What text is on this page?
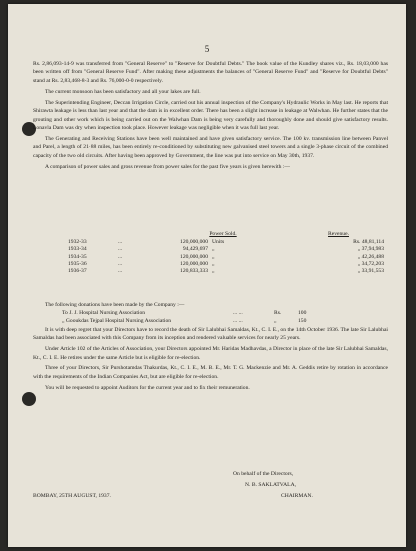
5

Rs. 2,86,093-14-9 was transferred from "General Reserve" to "Reserve for Doubtful Debts." The book value of the Kundley shares viz., Rs. 18,03,000 has been written off from "General Reserve Fund". After making these adjustments the balances of "General Reserve Fund" and "Reserve for Doubtful Debts" stand at Rs. 2,83,468-8-3 and Rs. 76,000-0-0 respectively.

The current monsoon has been satisfactory and all your lakes are full.

The Superintending Engineer, Deccan Irrigation Circle, carried out his annual inspection of the Company's Hydraulic Works in May last. He reports that Shirawta leakage is less than last year and that the dam is in excellent order. There has been a slight increase in leakage at Walwhan. He further states that the grouting and other work which is being carried out on the Walwhan Dam is being very carefully and thoroughly done and should give satisfactory results. Lonavla Dam was dry when inspection took place. However leakage was negligible when it was full last year.

The Generating and Receiving Stations have been well maintained and have given satisfactory service. The 100 kv. transmission line between Panvel and Parel, a length of 21·88 miles, has been entirely re-conditioned by substituting new galvanised steel towers and a single 3-phase circuit of the combined capacity of the two old circuits. After having been approved by Government, the line was put into service on May 30th, 1937.

A comparison of power sales and gross revenue from power sales for the past five years is given herewith :—

		Power Sold.		Revenue.
1932-33	...	120,000,000	Units	Rs. 48,81,114
1933-34	...	94,429,697	„	„ 37,94,983
1934-35	...	120,000,000	„	„ 42,26,488
1935-36	...	120,000,000	„	„ 34,72,203
1936-37	...	120,833,333	„	„ 33,91,553
The following donations have been made by the Company :—
To J. J. Hospital Nursing Association	... ...	Rs.	100
„ Gooukdas Tejpal Hospital Nursing Association	... ...	„	150

It is with deep regret that your Directors have to record the death of Sir Lalubhai Samaldas, Kt., C. I. E., on the 14th October 1936. The late Sir Lalubhai Samaldas had been associated with this Company from its inception and rendered valuable services for nearly 25 years.

Under Article 102 of the Articles of Association, your Directors appointed Mr. Haridas Madhavdas, a Director in place of the late Sir Lalubhai Samaldas, Kt., C. I. E. He retires under the same Article but is eligible for re-election.

Three of your Directors, Sir Purshotamdas Thakurdas, Kt., C. I. E., M. B. E., Mr. T. G. Mackenzie and Mr. A. Geddis retire by rotation in accordance with the requirements of the Indian Companies Act, but are eligible for re-election.

You will be requested to appoint Auditors for the current year and to fix their remuneration.

On behalf of the Directors,
N. B. SAKLATVALA,
CHAIRMAN.
BOMBAY, 25TH AUGUST, 1937.
